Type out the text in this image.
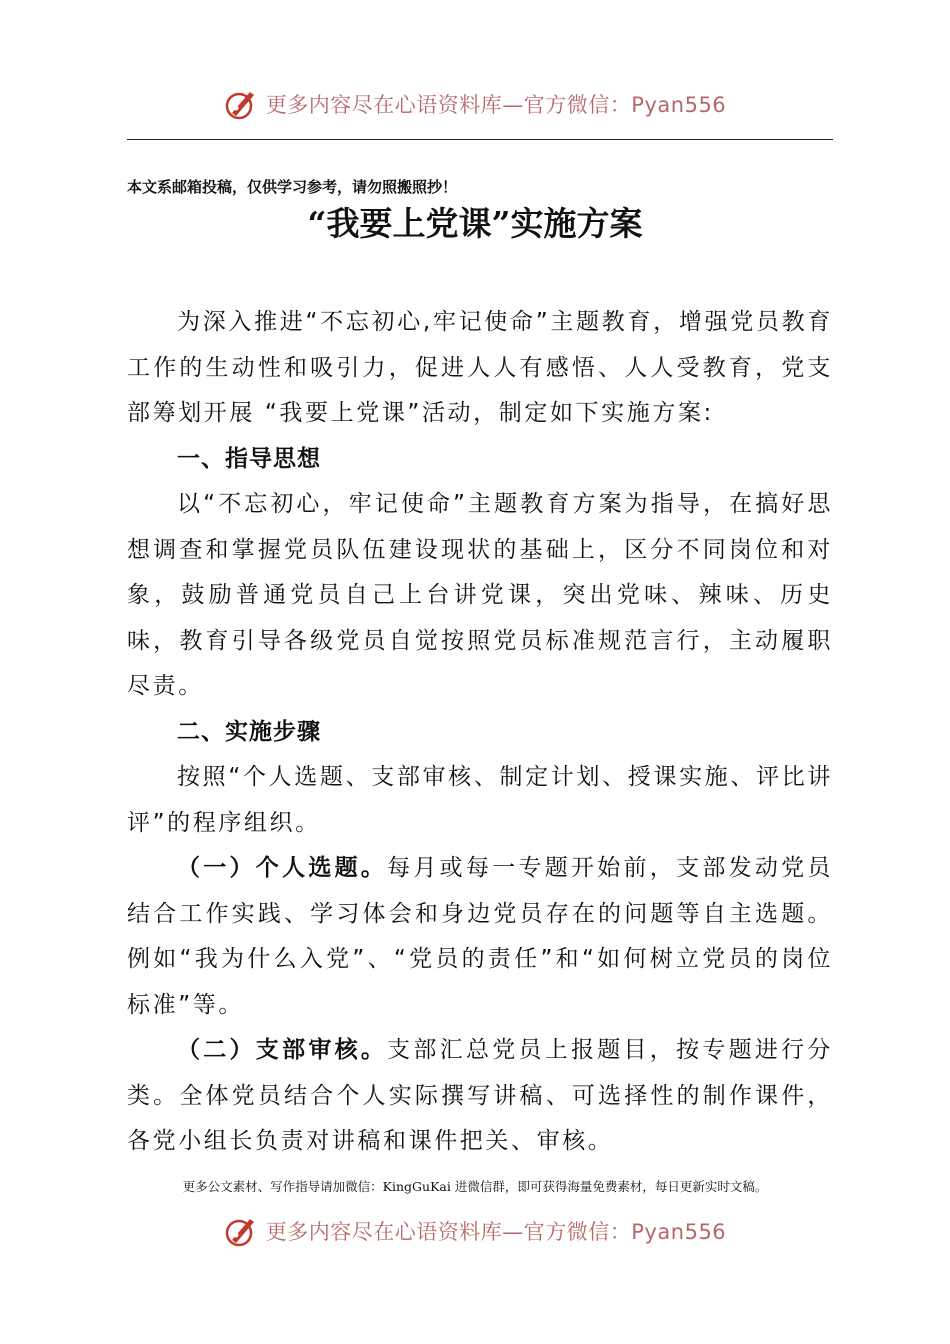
更多内容尽在心语资料库—官方微信：Pyan556
本文系邮箱投稿，仅供学习参考，请勿照搬照抄！
“我要上党课”实施方案

为深入推进“不忘初心,牢记使命”主题教育，增强党员教育工作的生动性和吸引力，促进人人有感悟、人人受教育，党支部筹划开展 “我要上党课”活动，制定如下实施方案:

一、指导思想

以“不忘初心，牢记使命”主题教育方案为指导，在搞好思想调查和掌握党员队伍建设现状的基础上，区分不同岗位和对象，鼓励普通党员自己上台讲党课，突出党味、辣味、历史味，教育引导各级党员自觉按照党员标准规范言行，主动履职尽责。

二、实施步骤

按照“个人选题、支部审核、制定计划、授课实施、评比讲评”的程序组织。

（一）个人选题。每月或每一专题开始前，支部发动党员结合工作实践、学习体会和身边党员存在的问题等自主选题。例如“我为什么入党”、“党员的责任”和“如何树立党员的岗位标准”等。

（二）支部审核。支部汇总党员上报题目，按专题进行分类。全体党员结合个人实际撰写讲稿、可选择性的制作课件，各党小组长负责对讲稿和课件把关、审核。

更多公文素材、写作指导请加微信：KingGuKai 进微信群，即可获得海量免费素材，每日更新实时文稿。
更多内容尽在心语资料库—官方微信：Pyan556
